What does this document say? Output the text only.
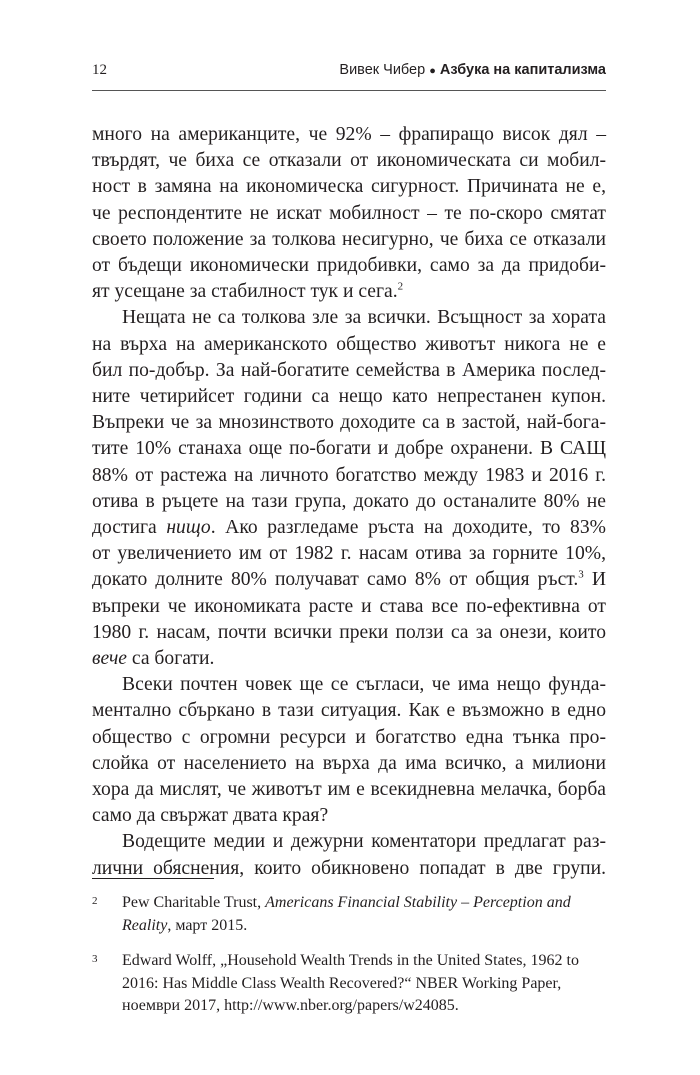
12	Вивек Чибер ● Азбука на капитализма

много на американците, че 92% – фрапиращо висок дял –
твърдят, че биха се отказали от икономическата си мобил-
ност в замяна на икономическа сигурност. Причината не е,
че респондентите не искат мобилност – те по-скоро смятат
своето положение за толкова несигурно, че биха се отказали
от бъдещи икономически придобивки, само за да придоби-
ят усещане за стабилност тук и сега.$^2$

Нещата не са толкова зле за всички. Всъщност за хората
на върха на американското общество животът никога не е
бил по-добър. За най-богатите семейства в Америка послед-
ните четирийсет години са нещо като непрестанен купон.
Въпреки че за мнозинството доходите са в застой, най-бога-
тите 10% станаха още по-богати и добре охранени. В САЩ
88% от растежа на личното богатство между 1983 и 2016 г.
отива в ръцете на тази група, докато до останалите 80% не
достига нищо. Ако разгледаме ръста на доходите, то 83%
от увеличението им от 1982 г. насам отива за горните 10%,
докато долните 80% получават само 8% от общия ръст.$^3$ И
въпреки че икономиката расте и става все по-ефективна от
1980 г. насам, почти всички преки ползи са за онези, които
вече са богати.

Всеки почтен човек ще се съгласи, че има нещо фунда-
ментално сбъркано в тази ситуация. Как е възможно в едно
общество с огромни ресурси и богатство една тънка про-
слойка от населението на върха да има всичко, а милиони
хора да мислят, че животът им е всекидневна мелачка, борба
само да свържат двата края?

Водещите медии и дежурни коментатори предлагат раз-
лични обяснения, които обикновено попадат в две групи.

2	Pew Charitable Trust, Americans Financial Stability – Perception and Reality, март 2015.
3	Edward Wolff, „Household Wealth Trends in the United States, 1962 to 2016: Has Middle Class Wealth Recovered?“ NBER Working Paper, ноември 2017, http://www.nber.org/papers/w24085.
